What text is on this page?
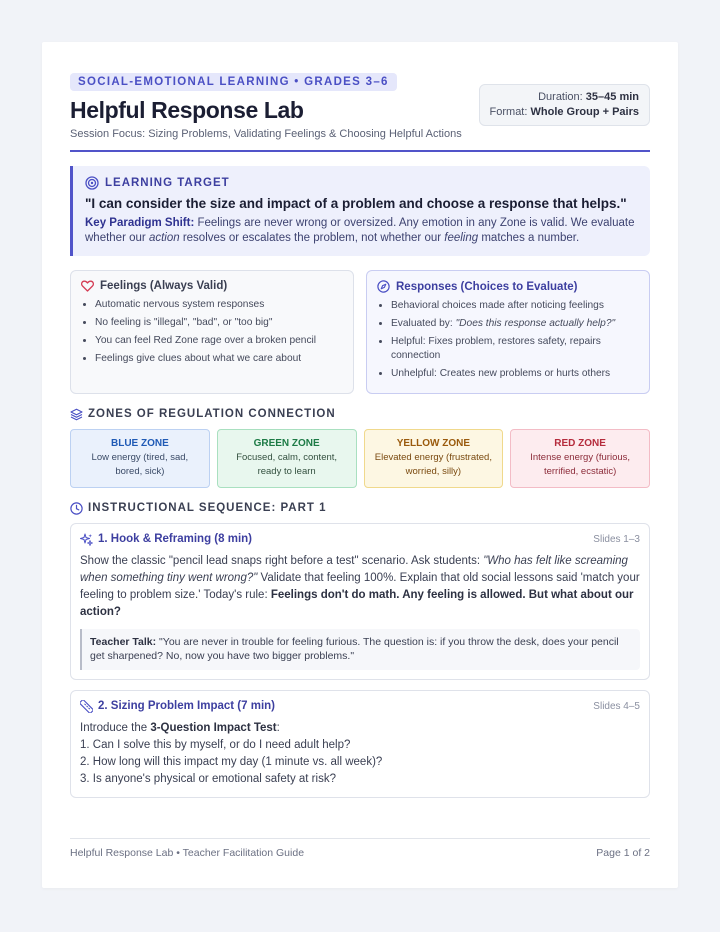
SOCIAL-EMOTIONAL LEARNING • GRADES 3–6
Helpful Response Lab
Session Focus: Sizing Problems, Validating Feelings & Choosing Helpful Actions
Duration: 35–45 min
Format: Whole Group + Pairs
LEARNING TARGET
"I can consider the size and impact of a problem and choose a response that helps."
Key Paradigm Shift: Feelings are never wrong or oversized. Any emotion in any Zone is valid. We evaluate whether our action resolves or escalates the problem, not whether our feeling matches a number.
Feelings (Always Valid)
Automatic nervous system responses
No feeling is "illegal", "bad", or "too big"
You can feel Red Zone rage over a broken pencil
Feelings give clues about what we care about
Responses (Choices to Evaluate)
Behavioral choices made after noticing feelings
Evaluated by: "Does this response actually help?"
Helpful: Fixes problem, restores safety, repairs connection
Unhelpful: Creates new problems or hurts others
ZONES OF REGULATION CONNECTION
BLUE ZONE
Low energy (tired, sad, bored, sick)
GREEN ZONE
Focused, calm, content, ready to learn
YELLOW ZONE
Elevated energy (frustrated, worried, silly)
RED ZONE
Intense energy (furious, terrified, ecstatic)
INSTRUCTIONAL SEQUENCE: PART 1
1. Hook & Reframing (8 min)	Slides 1–3
Show the classic "pencil lead snaps right before a test" scenario. Ask students: "Who has felt like screaming when something tiny went wrong?" Validate that feeling 100%. Explain that old social lessons said 'match your feeling to problem size.' Today's rule: Feelings don't do math. Any feeling is allowed. But what about our action?
Teacher Talk: "You are never in trouble for feeling furious. The question is: if you throw the desk, does your pencil get sharpened? No, now you have two bigger problems."
2. Sizing Problem Impact (7 min)	Slides 4–5
Introduce the 3-Question Impact Test:
1. Can I solve this by myself, or do I need adult help?
2. How long will this impact my day (1 minute vs. all week)?
3. Is anyone's physical or emotional safety at risk?
Helpful Response Lab • Teacher Facilitation Guide	Page 1 of 2
